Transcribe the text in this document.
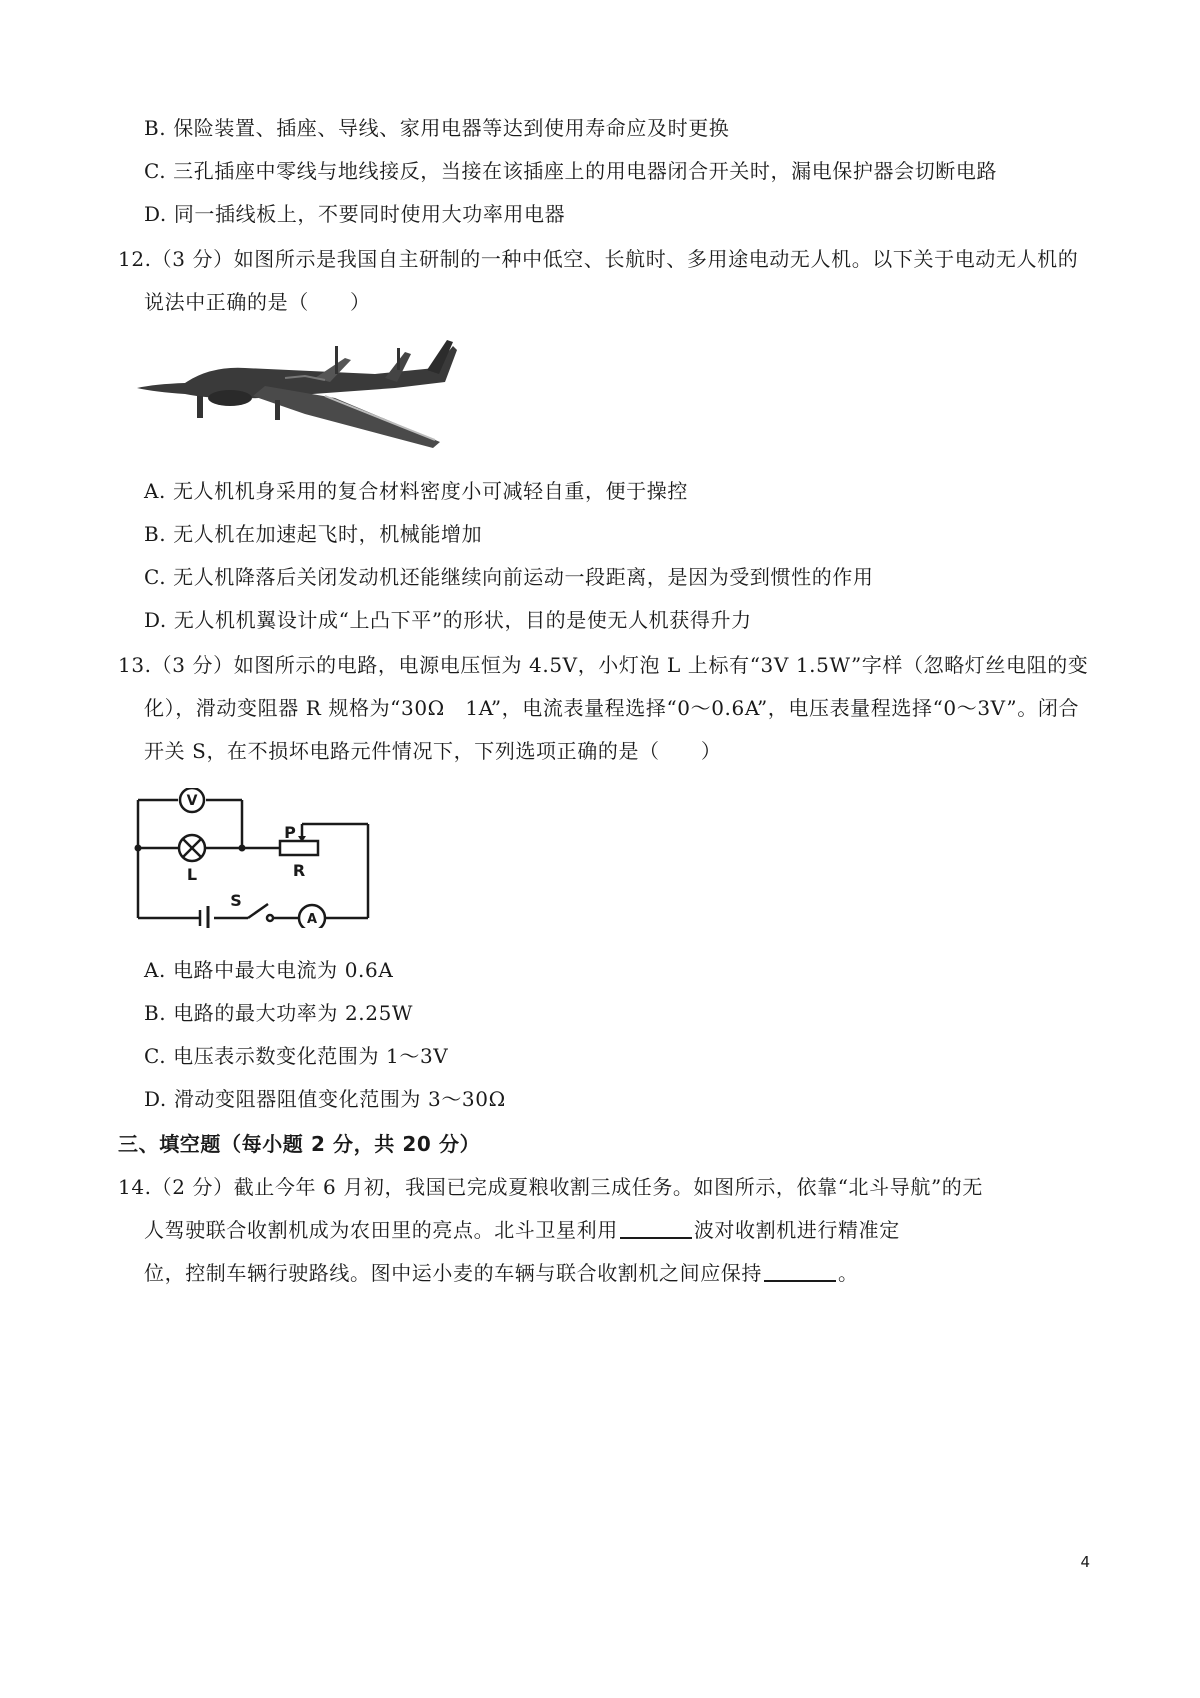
B. 保险装置、插座、导线、家用电器等达到使用寿命应及时更换
C. 三孔插座中零线与地线接反，当接在该插座上的用电器闭合开关时，漏电保护器会切断电路
D. 同一插线板上，不要同时使用大功率用电器
12.（3 分）如图所示是我国自主研制的一种中低空、长航时、多用途电动无人机。以下关于电动无人机的
说法中正确的是（　　）
A. 无人机机身采用的复合材料密度小可减轻自重，便于操控
B. 无人机在加速起飞时，机械能增加
C. 无人机降落后关闭发动机还能继续向前运动一段距离，是因为受到惯性的作用
D. 无人机机翼设计成“上凸下平”的形状，目的是使无人机获得升力
13.（3 分）如图所示的电路，电源电压恒为 4.5V，小灯泡 L 上标有“3V 1.5W”字样（忽略灯丝电阻的变
化），滑动变阻器 R 规格为“30Ω　1A”，电流表量程选择“0～0.6A”，电压表量程选择“0～3V”。闭合
开关 S，在不损坏电路元件情况下，下列选项正确的是（　　）
V
L
P
R
S
A
A. 电路中最大电流为 0.6A
B. 电路的最大功率为 2.25W
C. 电压表示数变化范围为 1～3V
D. 滑动变阻器阻值变化范围为 3～30Ω
三、填空题（每小题 2 分，共 20 分）
14.（2 分）截止今年 6 月初，我国已完成夏粮收割三成任务。如图所示，依靠“北斗导航”的无
人驾驶联合收割机成为农田里的亮点。北斗卫星利用	波对收割机进行精准定
位，控制车辆行驶路线。图中运小麦的车辆与联合收割机之间应保持	。
4
